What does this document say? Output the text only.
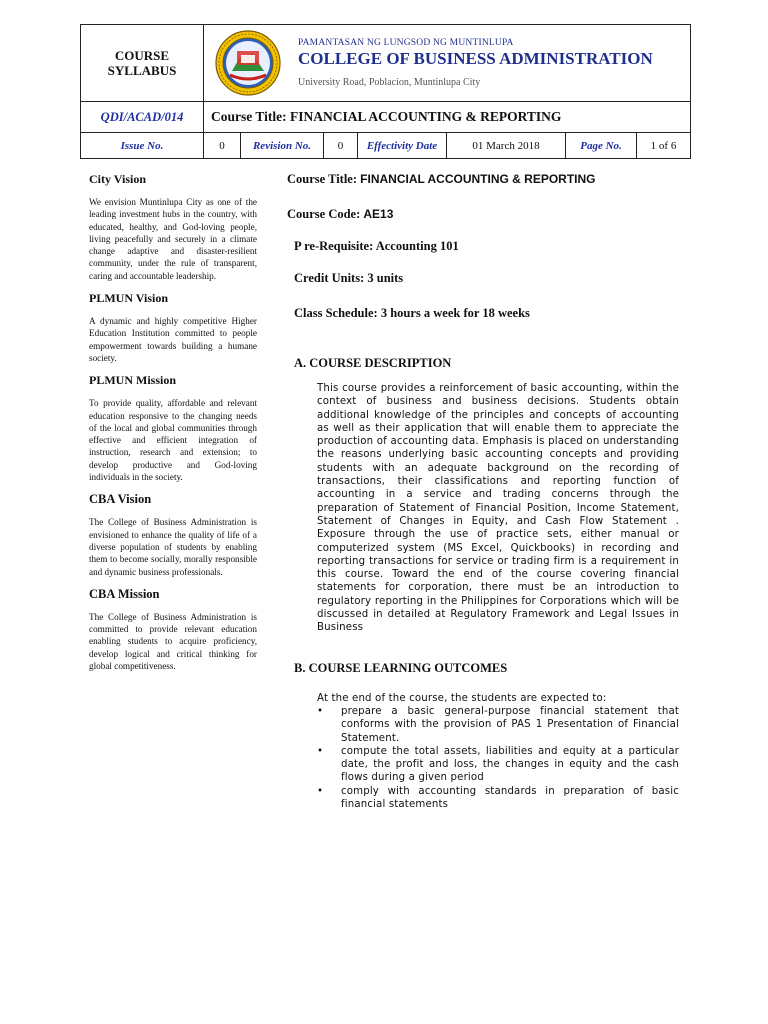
COURSE SYLLABUS
PAMANTASAN NG LUNGSOD NG MUNTINLUPA
COLLEGE OF BUSINESS ADMINISTRATION
University Road, Poblacion, Muntinlupa City
QDI/ACAD/014	Course Title: FINANCIAL ACCOUNTING & REPORTING
Issue No.	0	Revision No.	0	Effectivity Date	01 March 2018	Page No.	1 of 6

City Vision

We envision Muntinlupa City as one of the leading investment hubs in the country, with educated, healthy, and God-loving people, living peacefully and securely in a climate change adaptive and disaster-resilient community, under the rule of transparent, caring and accountable leadership.

PLMUN Vision

A dynamic and highly competitive Higher Education Institution committed to people empowerment towards building a humane society.

PLMUN Mission

To provide quality, affordable and relevant education responsive to the changing needs of the local and global communities through effective and efficient integration of instruction, research and extension; to develop productive and God-loving individuals in the society.

CBA Vision

The College of Business Administration is envisioned to enhance the quality of life of a diverse population of students by enabling them to become socially, morally responsible and dynamic business professionals.

CBA Mission

The College of Business Administration is committed to provide relevant education enabling students to acquire proficiency, develop logical and critical thinking for global competitiveness.

Course Title: FINANCIAL ACCOUNTING & REPORTING

Course Code: AE13

P re-Requisite: Accounting 101

Credit Units: 3 units

Class Schedule: 3 hours a week for 18 weeks

A. COURSE DESCRIPTION

This course provides a reinforcement of basic accounting, within the context of business and business decisions. Students obtain additional knowledge of the principles and concepts of accounting as well as their application that will enable them to appreciate the production of accounting data. Emphasis is placed on understanding the reasons underlying basic accounting concepts and providing students with an adequate background on the recording of transactions, their classifications and reporting function of accounting in a service and trading concerns through the preparation of Statement of Financial Position, Income Statement, Statement of Changes in Equity, and Cash Flow Statement . Exposure through the use of practice sets, either manual or computerized system (MS Excel, Quickbooks) in recording and reporting transactions for service or trading firm is a requirement in this course. Toward the end of the course covering financial statements for corporation, there must be an introduction to regulatory reporting in the Philippines for Corporations which will be discussed in detailed at Regulatory Framework and Legal Issues in Business

B. COURSE LEARNING OUTCOMES

At the end of the course, the students are expected to:
• prepare a basic general-purpose financial statement that conforms with the provision of PAS 1 Presentation of Financial Statement.
• compute the total assets, liabilities and equity at a particular date, the profit and loss, the changes in equity and the cash flows during a given period
• comply with accounting standards in preparation of basic financial statements
